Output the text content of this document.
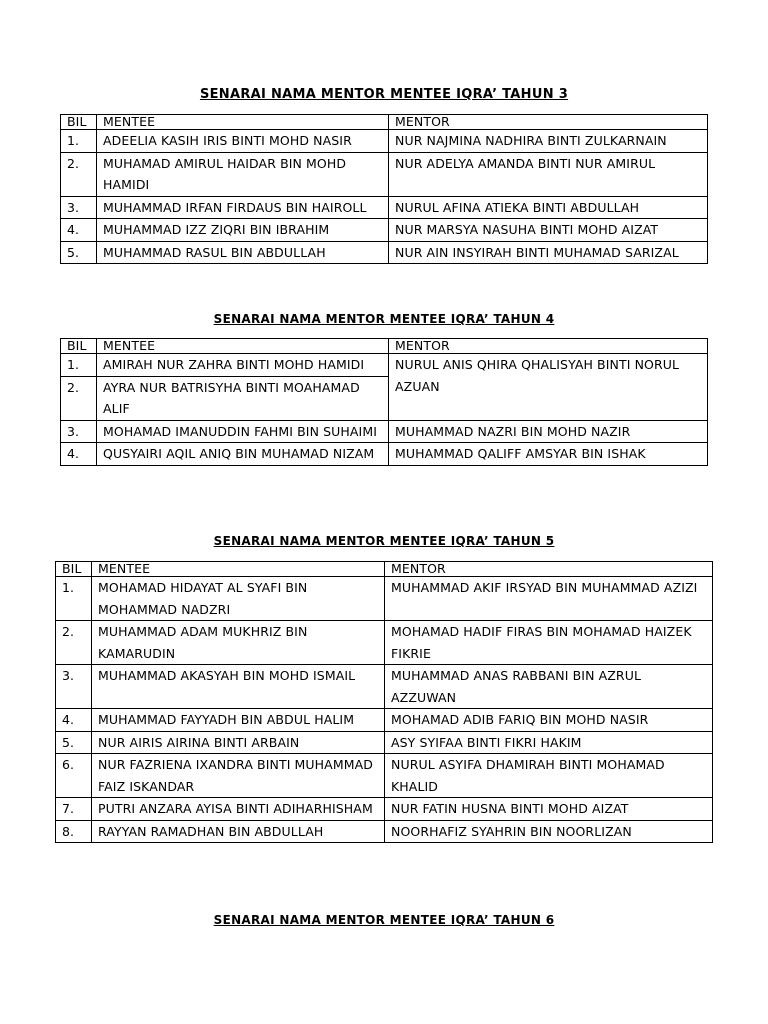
SENARAI NAMA MENTOR MENTEE IQRA’ TAHUN 3
BIL	MENTEE	MENTOR
1.	ADEELIA KASIH IRIS BINTI MOHD NASIR	NUR NAJMINA NADHIRA BINTI ZULKARNAIN
2.	MUHAMAD AMIRUL HAIDAR BIN MOHD HAMIDI	NUR ADELYA AMANDA BINTI NUR AMIRUL
3.	MUHAMMAD IRFAN FIRDAUS BIN HAIROLL	NURUL AFINA ATIEKA BINTI ABDULLAH
4.	MUHAMMAD IZZ ZIQRI BIN IBRAHIM	NUR MARSYA NASUHA BINTI MOHD AIZAT
5.	MUHAMMAD RASUL BIN ABDULLAH	NUR AIN INSYIRAH BINTI MUHAMAD SARIZAL
SENARAI NAMA MENTOR MENTEE IQRA’ TAHUN 4
BIL	MENTEE	MENTOR
1.	AMIRAH NUR ZAHRA BINTI MOHD HAMIDI	NURUL ANIS QHIRA QHALISYAH BINTI NORUL AZUAN
2.	AYRA NUR BATRISYHA BINTI MOAHAMAD ALIF	
3.	MOHAMAD IMANUDDIN FAHMI BIN SUHAIMI	MUHAMMAD NAZRI BIN MOHD NAZIR
4.	QUSYAIRI AQIL ANIQ BIN MUHAMAD NIZAM	MUHAMMAD QALIFF AMSYAR BIN ISHAK
SENARAI NAMA MENTOR MENTEE IQRA’ TAHUN 5
BIL	MENTEE	MENTOR
1.	MOHAMAD HIDAYAT AL SYAFI BIN MOHAMMAD NADZRI	MUHAMMAD AKIF IRSYAD BIN MUHAMMAD AZIZI
2.	MUHAMMAD ADAM MUKHRIZ BIN KAMARUDIN	MOHAMAD HADIF FIRAS BIN MOHAMAD HAIZEK FIKRIE
3.	MUHAMMAD AKASYAH BIN MOHD ISMAIL	MUHAMMAD ANAS RABBANI BIN AZRUL AZZUWAN
4.	MUHAMMAD FAYYADH BIN ABDUL HALIM	MOHAMAD ADIB FARIQ BIN MOHD NASIR
5.	NUR AIRIS AIRINA BINTI ARBAIN	ASY SYIFAA BINTI FIKRI HAKIM
6.	NUR FAZRIENA IXANDRA BINTI MUHAMMAD FAIZ ISKANDAR	NURUL ASYIFA DHAMIRAH BINTI MOHAMAD KHALID
7.	PUTRI ANZARA AYISA BINTI ADIHARHISHAM	NUR FATIN HUSNA BINTI MOHD AIZAT
8.	RAYYAN RAMADHAN BIN ABDULLAH	NOORHAFIZ SYAHRIN BIN NOORLIZAN
SENARAI NAMA MENTOR MENTEE IQRA’ TAHUN 6
